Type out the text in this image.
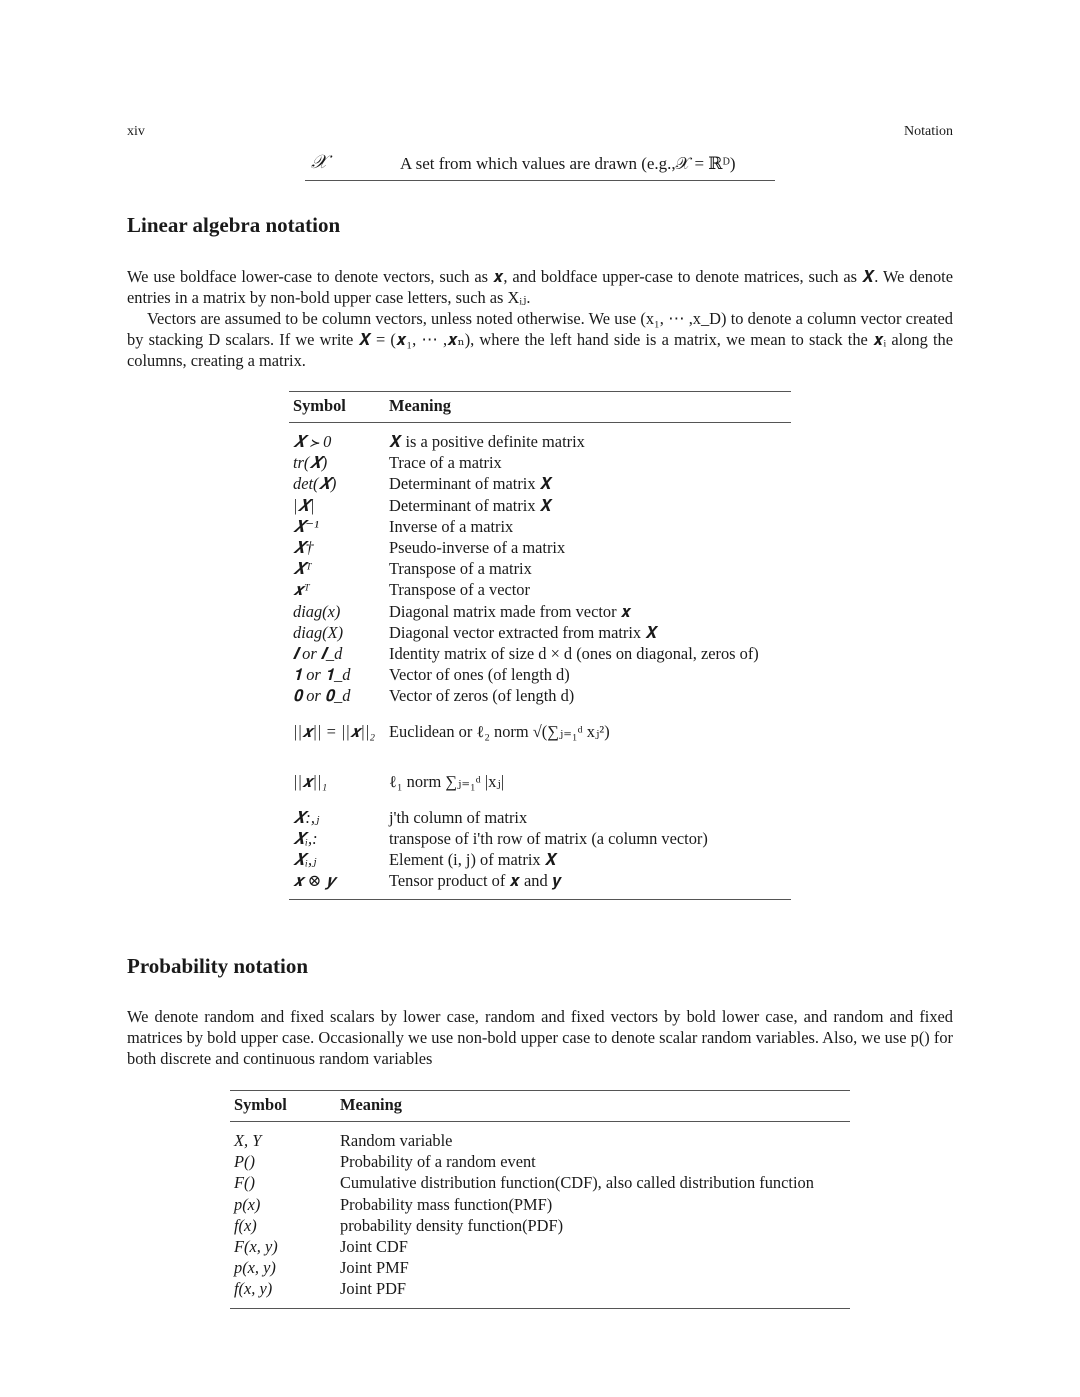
xiv	Notation
𝒳	A set from which values are drawn (e.g.,𝒳 = ℝᴰ)
Linear algebra notation
We use boldface lower-case to denote vectors, such as 𝒙, and boldface upper-case to denote matrices, such as 𝑿. We denote entries in a matrix by non-bold upper case letters, such as Xᵢⱼ.
Vectors are assumed to be column vectors, unless noted otherwise. We use (x₁, ⋯ ,x_D) to denote a column vector created by stacking D scalars. If we write 𝑿 = (𝒙₁, ⋯ ,𝒙ₙ), where the left hand side is a matrix, we mean to stack the 𝒙ᵢ along the columns, creating a matrix.
Symbol	Meaning
𝑿 ≻ 0	𝑿 is a positive definite matrix
tr(𝑿)	Trace of a matrix
det(𝑿)	Determinant of matrix 𝑿
|𝑿|	Determinant of matrix 𝑿
𝑿⁻¹	Inverse of a matrix
𝑿†	Pseudo-inverse of a matrix
𝑿ᵀ	Transpose of a matrix
𝒙ᵀ	Transpose of a vector
diag(x)	Diagonal matrix made from vector 𝒙
diag(X)	Diagonal vector extracted from matrix 𝑿
𝑰 or 𝑰_d	Identity matrix of size d × d (ones on diagonal, zeros of)
𝟏 or 𝟏_d	Vector of ones (of length d)
𝟎 or 𝟎_d	Vector of zeros (of length d)
||𝒙|| = ||𝒙||₂	Euclidean or ℓ₂ norm √(∑ⱼ₌₁ᵈ xⱼ²)
||𝒙||₁	ℓ₁ norm ∑ⱼ₌₁ᵈ |xⱼ|
𝑿:,ⱼ	j'th column of matrix
𝑿ᵢ,:	transpose of i'th row of matrix (a column vector)
𝑿ᵢ,ⱼ	Element (i, j) of matrix 𝑿
𝒙 ⊗ 𝒚	Tensor product of 𝒙 and 𝒚
Probability notation
We denote random and fixed scalars by lower case, random and fixed vectors by bold lower case, and random and fixed matrices by bold upper case. Occasionally we use non-bold upper case to denote scalar random variables. Also, we use p() for both discrete and continuous random variables
Symbol	Meaning
X, Y	Random variable
P()	Probability of a random event
F()	Cumulative distribution function(CDF), also called distribution function
p(x)	Probability mass function(PMF)
f(x)	probability density function(PDF)
F(x, y)	Joint CDF
p(x, y)	Joint PMF
f(x, y)	Joint PDF
